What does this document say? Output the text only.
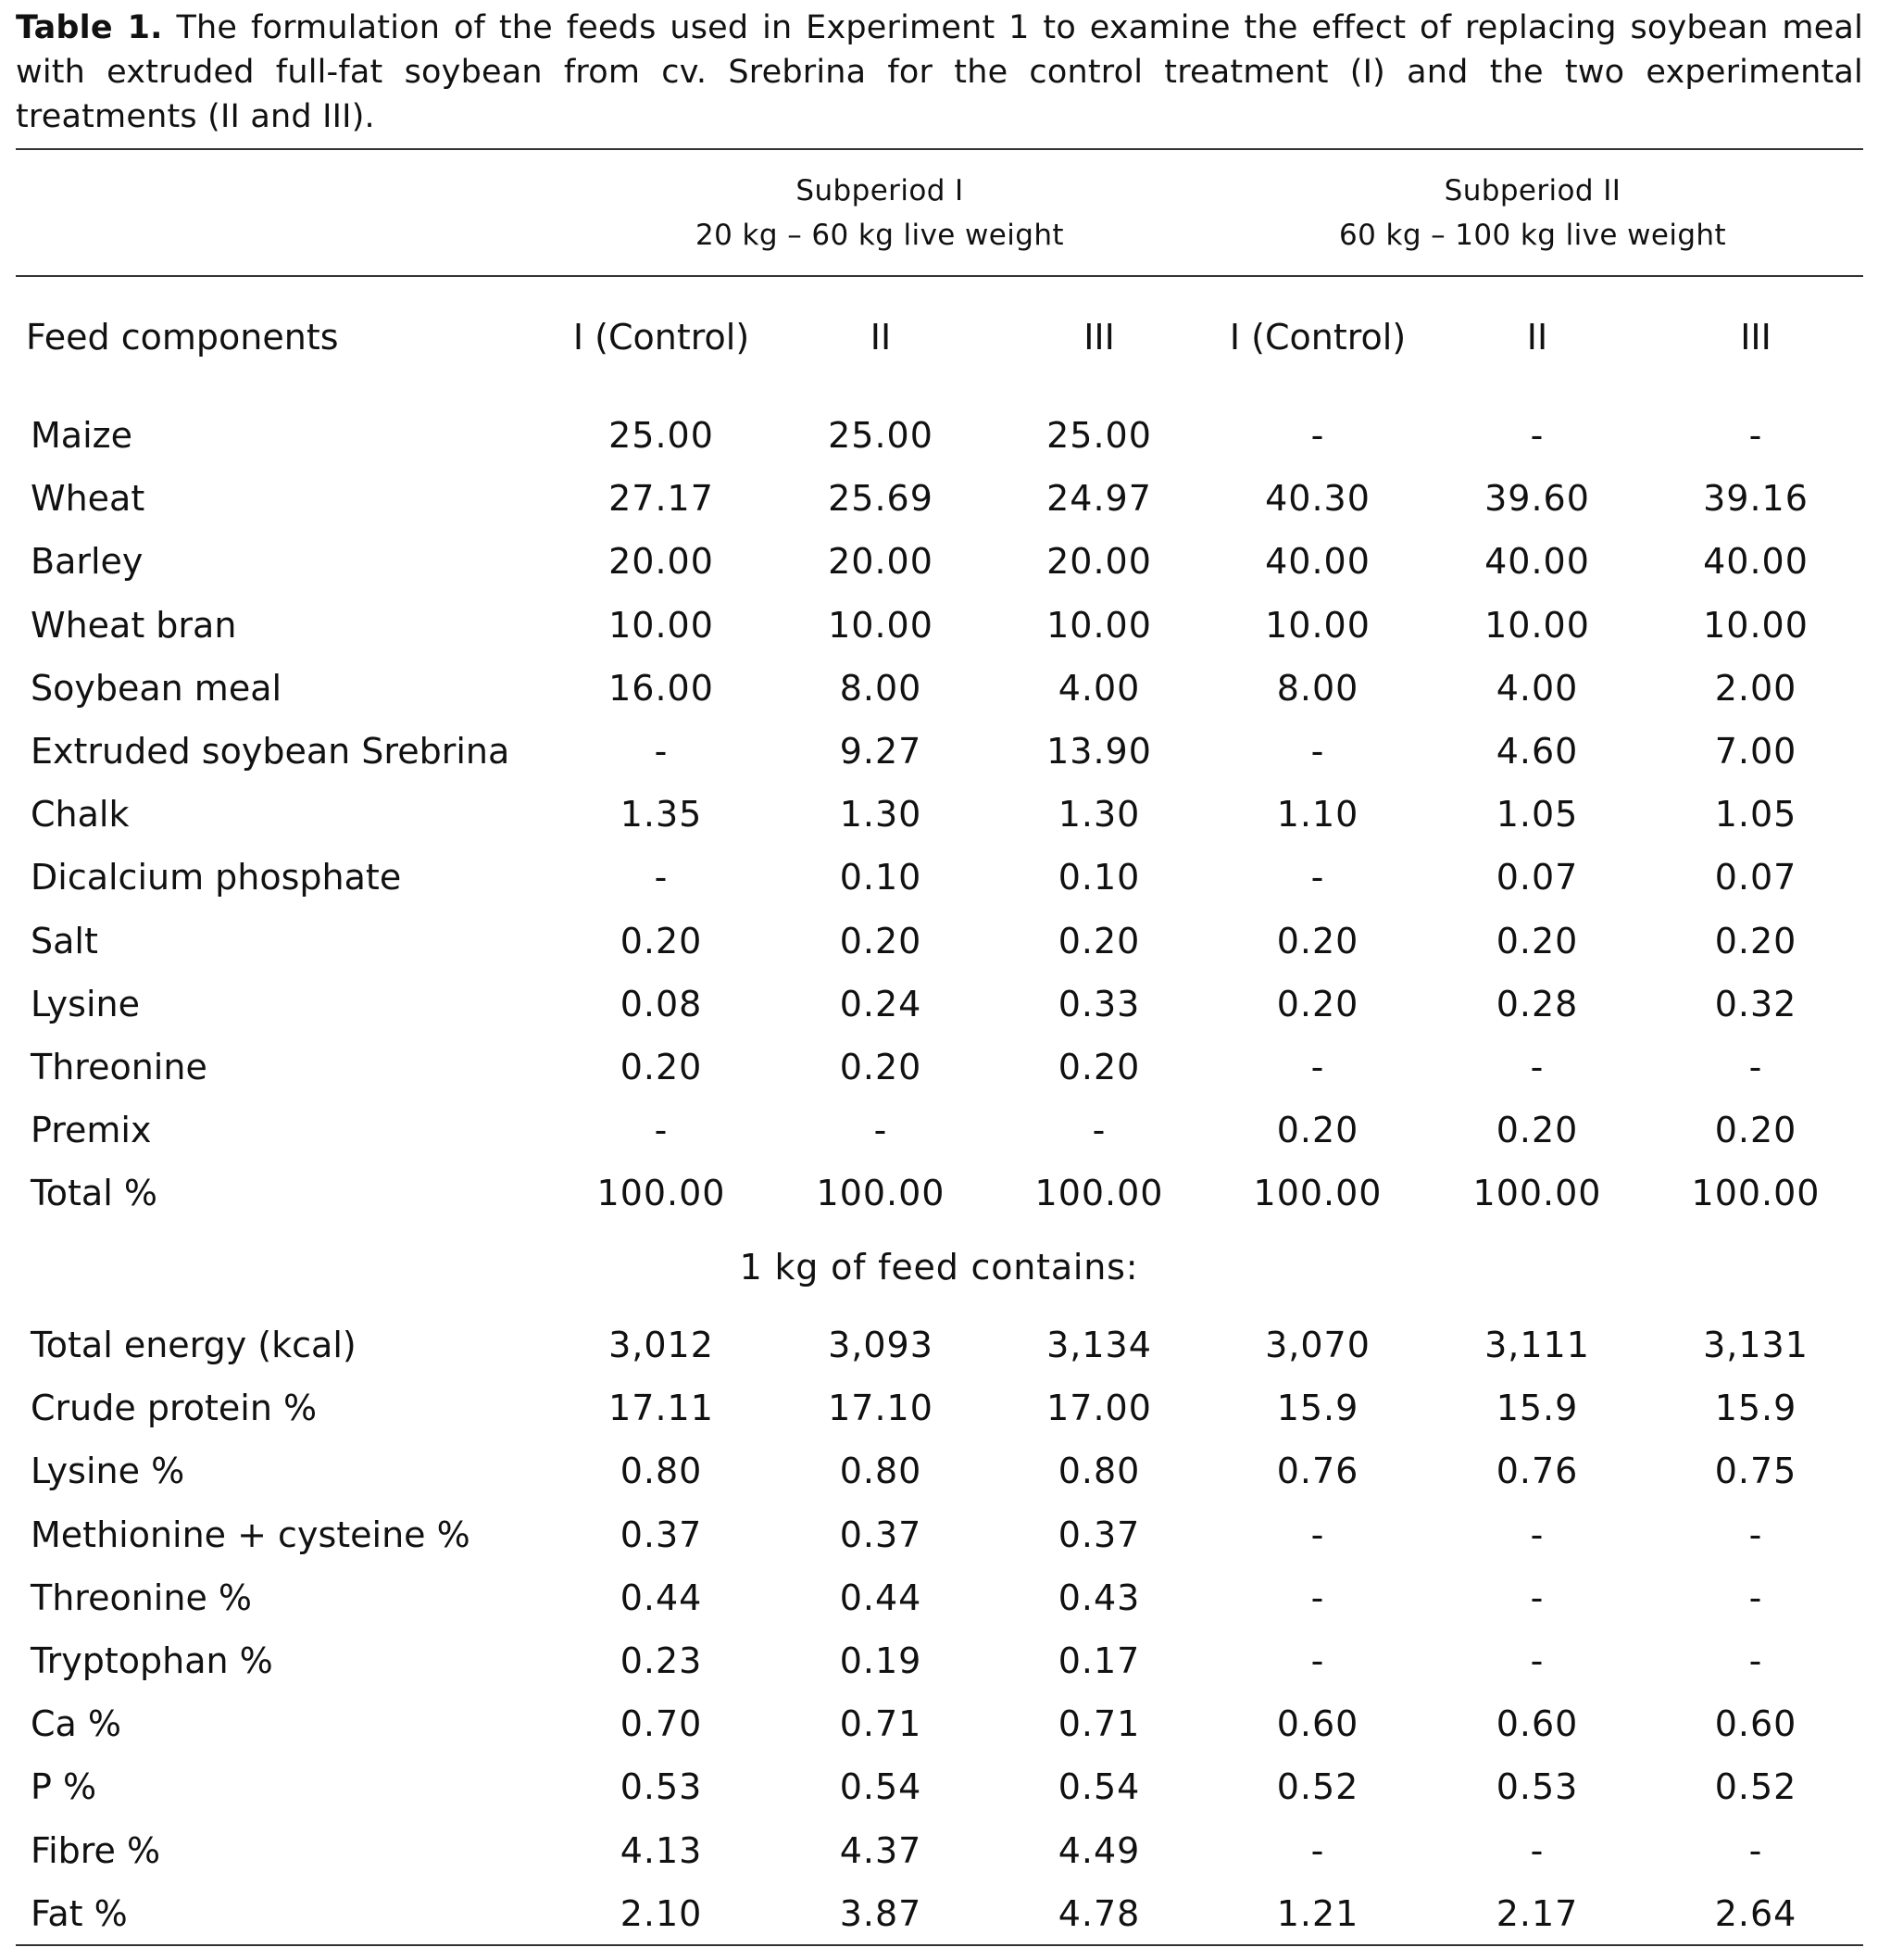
Table 1. The formulation of the feeds used in Experiment 1 to examine the effect of replacing soybean meal with extruded full-fat soybean from cv. Srebrina for the control treatment (I) and the two experimental treatments (II and III).
Subperiod I
20 kg – 60 kg live weight
Subperiod II
60 kg – 100 kg live weight
Feed components	I (Control)	II	III	I (Control)	II	III
Maize	25.00	25.00	25.00	-	-	-
Wheat	27.17	25.69	24.97	40.30	39.60	39.16
Barley	20.00	20.00	20.00	40.00	40.00	40.00
Wheat bran	10.00	10.00	10.00	10.00	10.00	10.00
Soybean meal	16.00	8.00	4.00	8.00	4.00	2.00
Extruded soybean Srebrina	-	9.27	13.90	-	4.60	7.00
Chalk	1.35	1.30	1.30	1.10	1.05	1.05
Dicalcium phosphate	-	0.10	0.10	-	0.07	0.07
Salt	0.20	0.20	0.20	0.20	0.20	0.20
Lysine	0.08	0.24	0.33	0.20	0.28	0.32
Threonine	0.20	0.20	0.20	-	-	-
Premix	-	-	-	0.20	0.20	0.20
Total %	100.00	100.00	100.00	100.00	100.00	100.00
1 kg of feed contains:
Total energy (kcal)	3,012	3,093	3,134	3,070	3,111	3,131
Crude protein %	17.11	17.10	17.00	15.9	15.9	15.9
Lysine %	0.80	0.80	0.80	0.76	0.76	0.75
Methionine + cysteine %	0.37	0.37	0.37	-	-	-
Threonine %	0.44	0.44	0.43	-	-	-
Tryptophan %	0.23	0.19	0.17	-	-	-
Ca %	0.70	0.71	0.71	0.60	0.60	0.60
P %	0.53	0.54	0.54	0.52	0.53	0.52
Fibre %	4.13	4.37	4.49	-	-	-
Fat %	2.10	3.87	4.78	1.21	2.17	2.64
